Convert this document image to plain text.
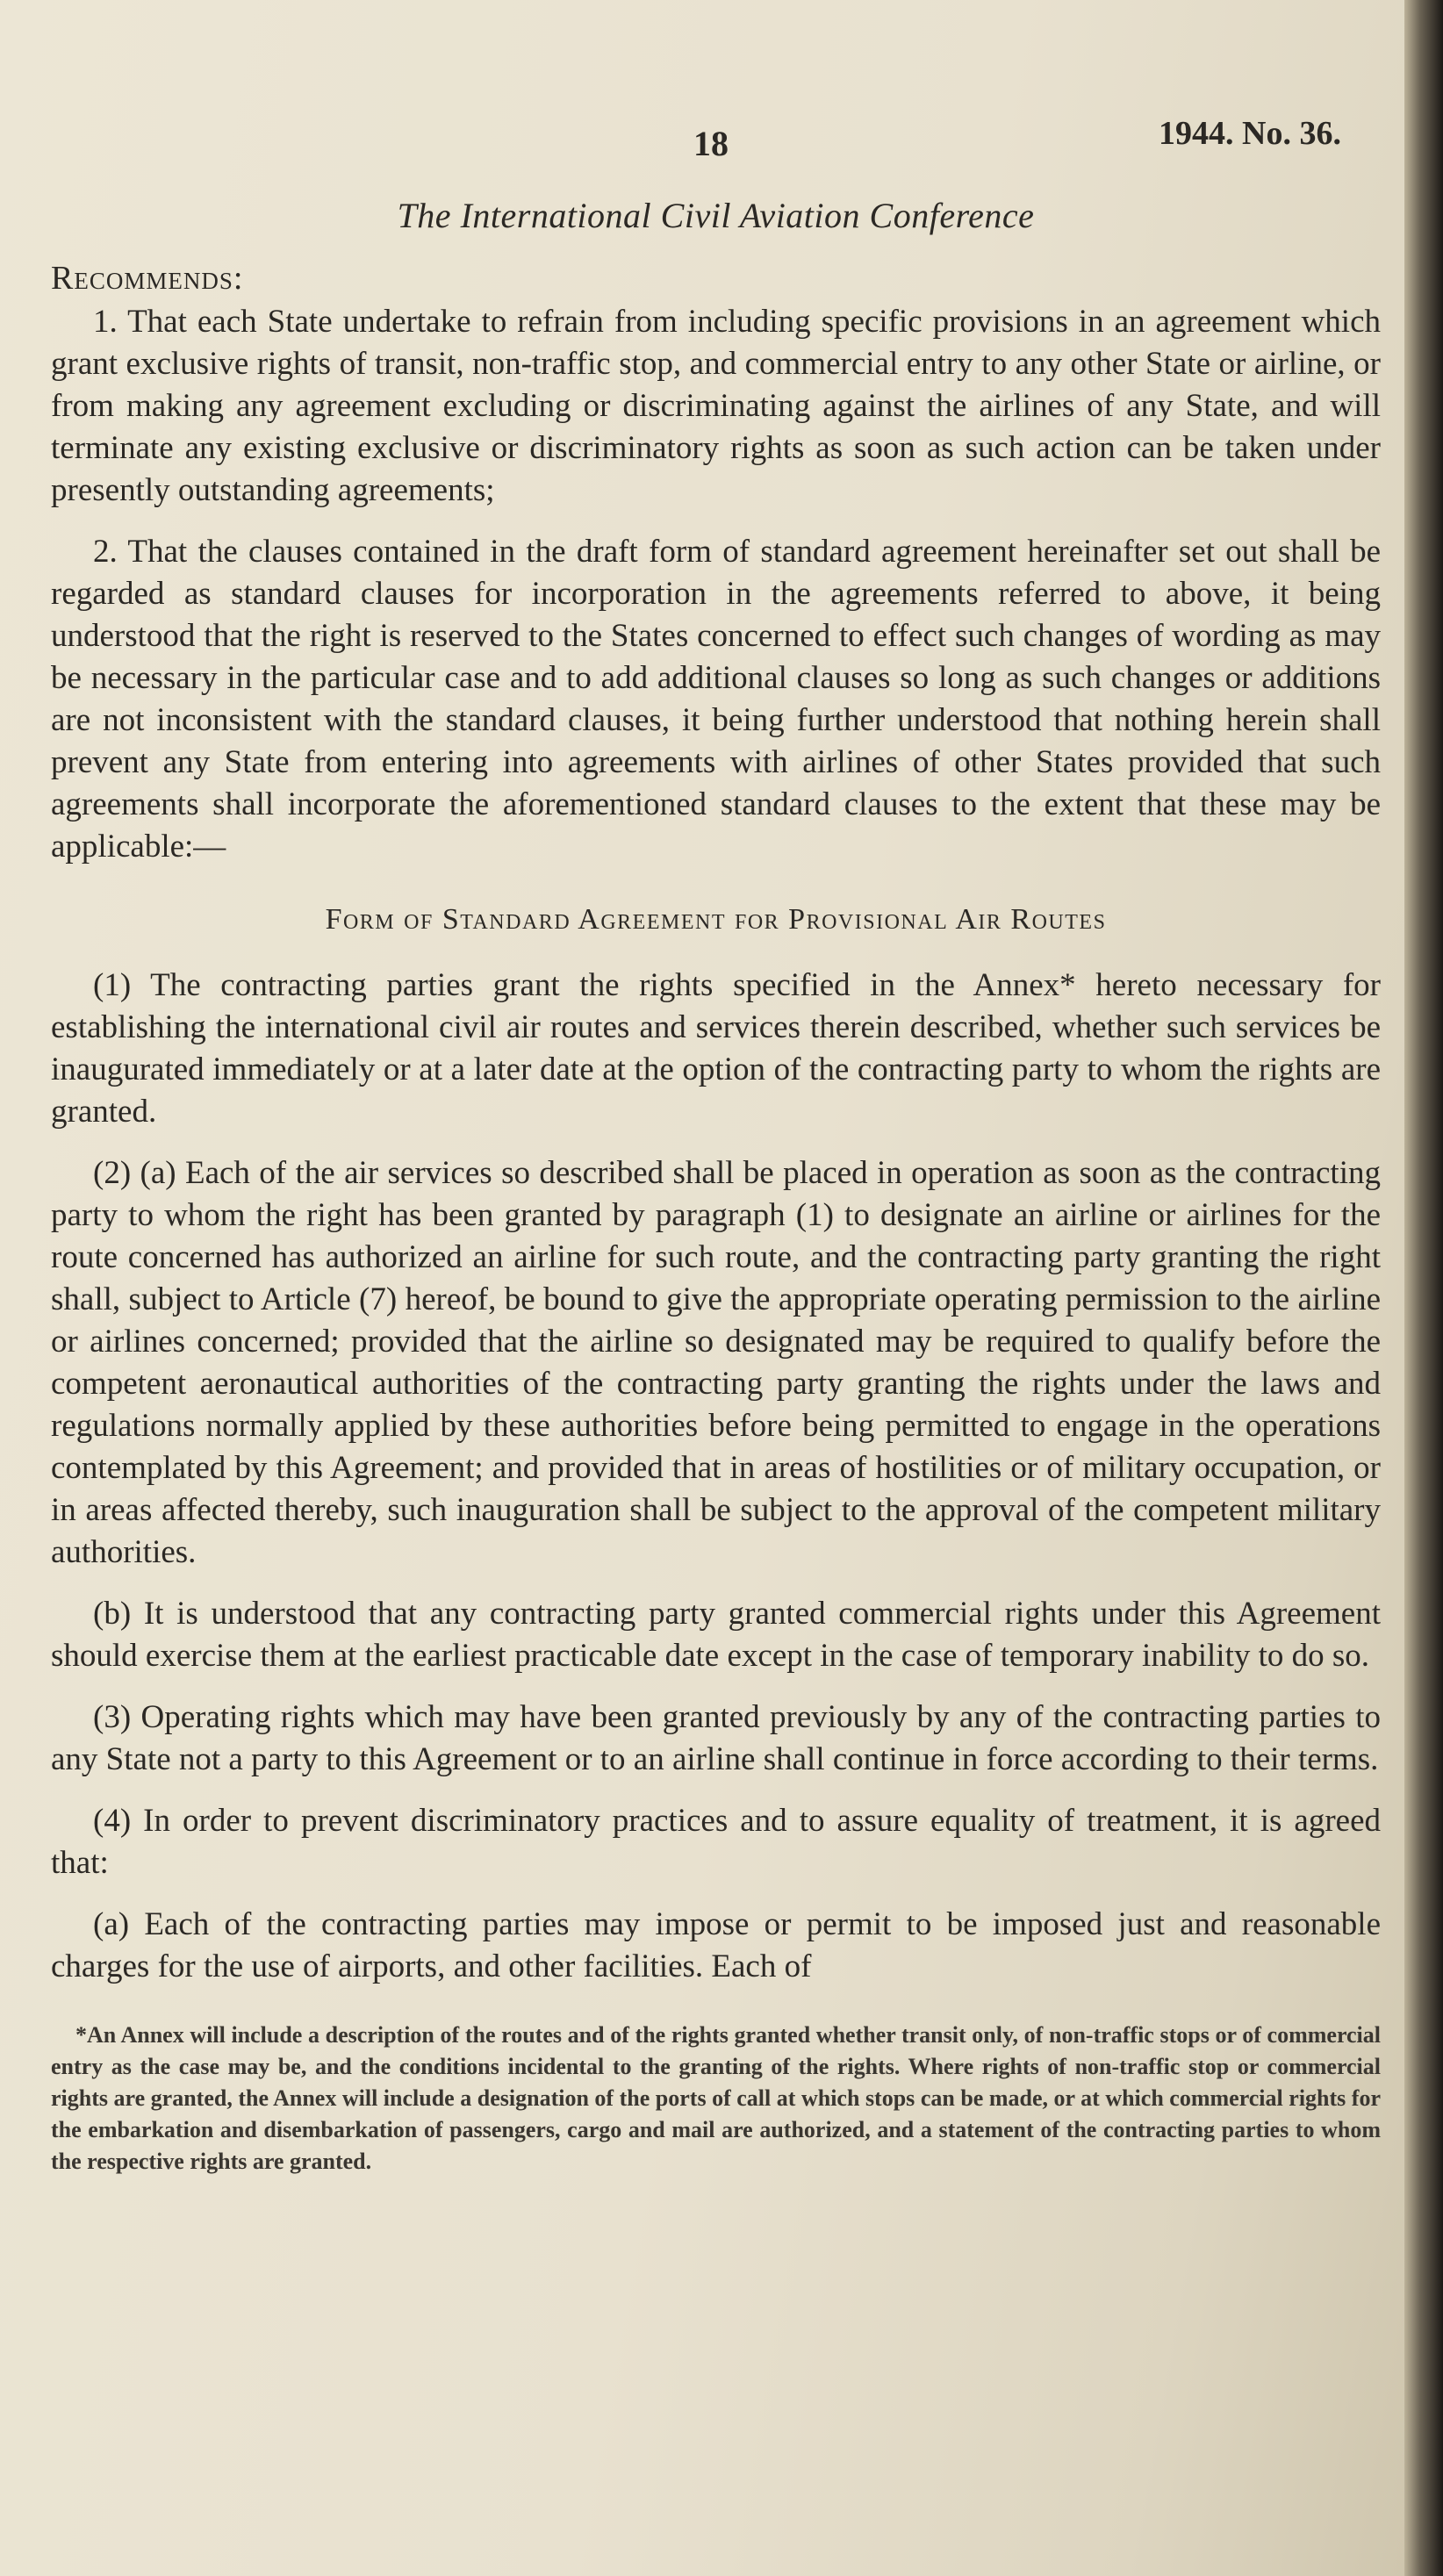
18	1944. No. 36.
The International Civil Aviation Conference
Recommends:

1. That each State undertake to refrain from including specific provisions in an agreement which grant exclusive rights of transit, non-traffic stop, and commercial entry to any other State or airline, or from making any agreement excluding or discriminating against the airlines of any State, and will terminate any existing exclusive or discriminatory rights as soon as such action can be taken under presently outstanding agreements;

2. That the clauses contained in the draft form of standard agreement hereinafter set out shall be regarded as standard clauses for incorporation in the agreements referred to above, it being understood that the right is reserved to the States concerned to effect such changes of wording as may be necessary in the particular case and to add additional clauses so long as such changes or additions are not inconsistent with the standard clauses, it being further understood that nothing herein shall prevent any State from entering into agreements with airlines of other States provided that such agreements shall incorporate the aforementioned standard clauses to the extent that these may be applicable:—

Form of Standard Agreement for Provisional Air Routes

(1) The contracting parties grant the rights specified in the Annex* hereto necessary for establishing the international civil air routes and services therein described, whether such services be inaugurated immediately or at a later date at the option of the contracting party to whom the rights are granted.

(2) (a) Each of the air services so described shall be placed in operation as soon as the contracting party to whom the right has been granted by paragraph (1) to designate an airline or airlines for the route concerned has authorized an airline for such route, and the contracting party granting the right shall, subject to Article (7) hereof, be bound to give the appropriate operating permission to the airline or airlines concerned; provided that the airline so designated may be required to qualify before the competent aeronautical authorities of the contracting party granting the rights under the laws and regulations normally applied by these authorities before being permitted to engage in the operations contemplated by this Agreement; and provided that in areas of hostilities or of military occupation, or in areas affected thereby, such inauguration shall be subject to the approval of the competent military authorities.

(b) It is understood that any contracting party granted commercial rights under this Agreement should exercise them at the earliest practicable date except in the case of temporary inability to do so.

(3) Operating rights which may have been granted previously by any of the contracting parties to any State not a party to this Agreement or to an airline shall continue in force according to their terms.

(4) In order to prevent discriminatory practices and to assure equality of treatment, it is agreed that:

(a) Each of the contracting parties may impose or permit to be imposed just and reasonable charges for the use of airports, and other facilities. Each of

*An Annex will include a description of the routes and of the rights granted whether transit only, of non-traffic stops or of commercial entry as the case may be, and the conditions incidental to the granting of the rights. Where rights of non-traffic stop or commercial rights are granted, the Annex will include a designation of the ports of call at which stops can be made, or at which commercial rights for the embarkation and disembarkation of passengers, cargo and mail are authorized, and a statement of the contracting parties to whom the respective rights are granted.
